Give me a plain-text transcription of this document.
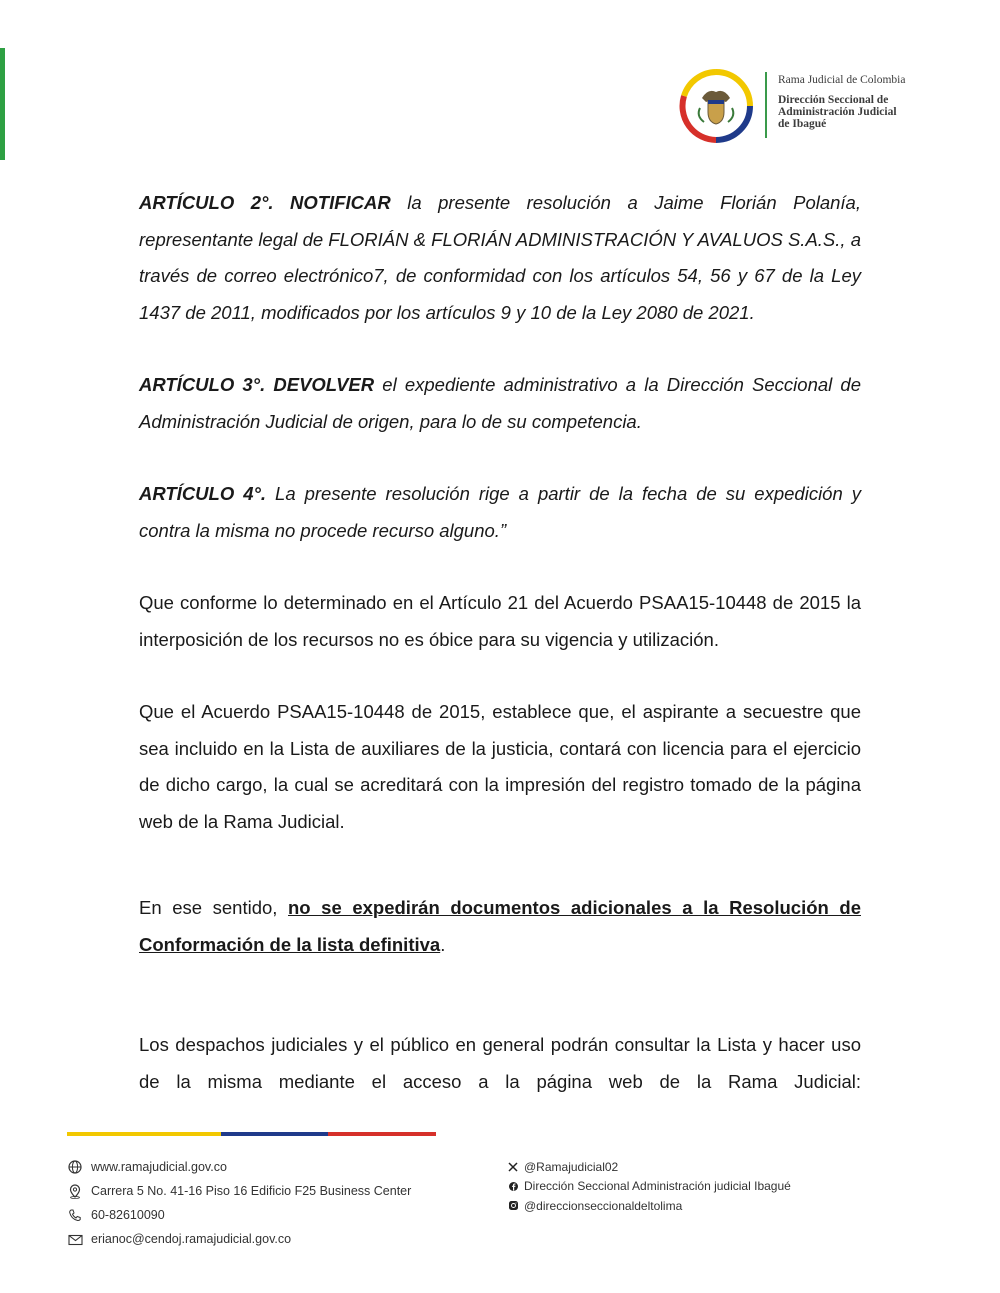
Rama Judicial de Colombia
Dirección Seccional de
Administración Judicial
de Ibagué

ARTÍCULO 2°. NOTIFICAR la presente resolución a Jaime Florián Polanía, representante legal de FLORIÁN & FLORIÁN ADMINISTRACIÓN Y AVALUOS S.A.S., a través de correo electrónico7, de conformidad con los artículos 54, 56 y 67 de la Ley 1437 de 2011, modificados por los artículos 9 y 10 de la Ley 2080 de 2021.

ARTÍCULO 3°. DEVOLVER el expediente administrativo a la Dirección Seccional de Administración Judicial de origen, para lo de su competencia.

ARTÍCULO 4°. La presente resolución rige a partir de la fecha de su expedición y contra la misma no procede recurso alguno.”

Que conforme lo determinado en el Artículo 21 del Acuerdo PSAA15-10448 de 2015 la interposición de los recursos no es óbice para su vigencia y utilización.

Que el Acuerdo PSAA15-10448 de 2015, establece que, el aspirante a secuestre que sea incluido en la Lista de auxiliares de la justicia, contará con licencia para el ejercicio de dicho cargo, la cual se acreditará con la impresión del registro tomado de la página web de la Rama Judicial.

En ese sentido, no se expedirán documentos adicionales a la Resolución de Conformación de la lista definitiva.

Los despachos judiciales y el público en general podrán consultar la Lista y hacer uso de la misma mediante el acceso a la página web de la Rama Judicial:

www.ramajudicial.gov.co
Carrera 5 No. 41-16 Piso 16 Edificio F25 Business Center
60-82610090
erianoc@cendoj.ramajudicial.gov.co
@Ramajudicial02
Dirección Seccional Administración judicial Ibagué
@direccionseccionaldeltolima
